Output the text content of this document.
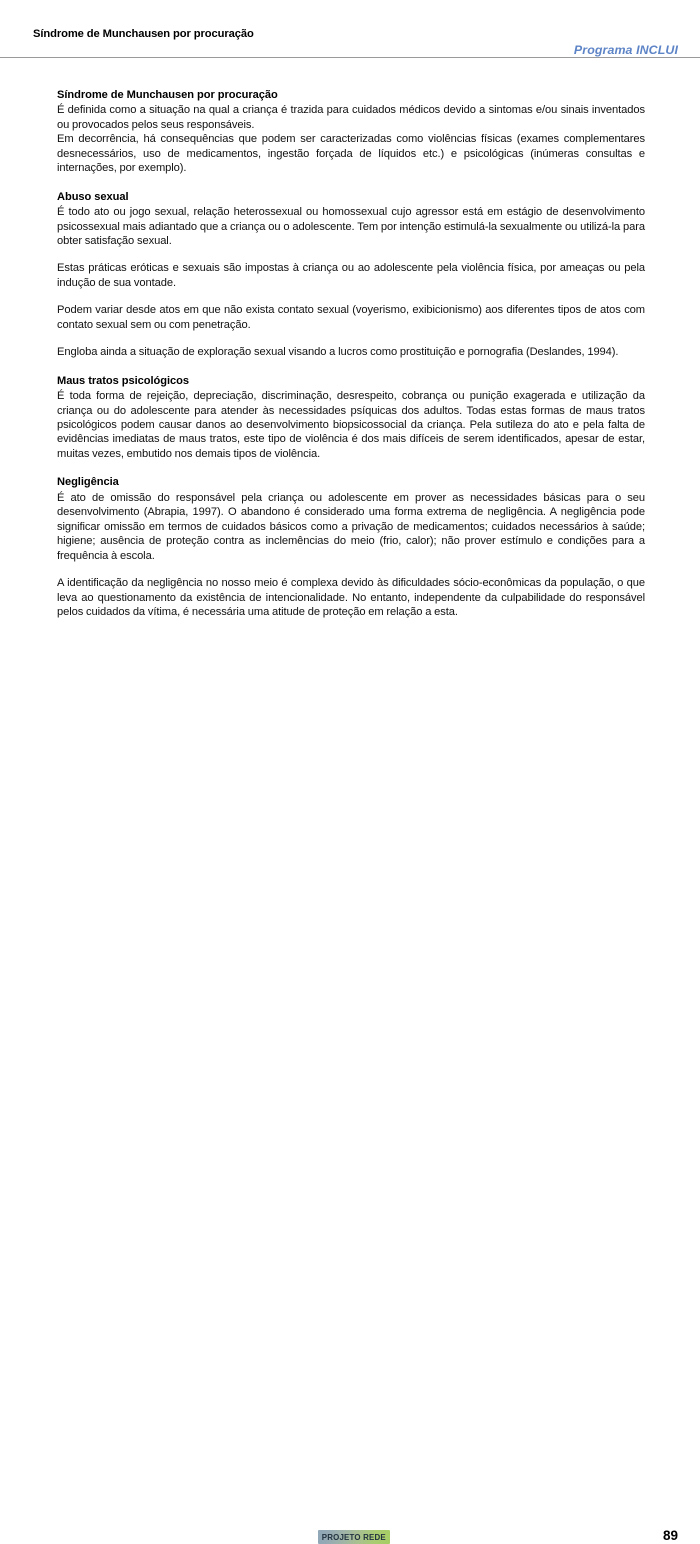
Síndrome de Munchausen por procuração
Programa INCLUI
Síndrome de Munchausen por procuração

É definida como a situação na qual a criança é trazida para cuidados médicos devido a sintomas e/ou sinais inventados ou provocados pelos seus responsáveis.

Em decorrência, há consequências que podem ser caracterizadas como violências físicas (exames complementares desnecessários, uso de medicamentos, ingestão forçada de líquidos etc.) e psicológicas (inúmeras consultas e internações, por exemplo).

Abuso sexual

É todo ato ou jogo sexual, relação heterossexual ou homossexual cujo agressor está em estágio de desenvolvimento psicossexual mais adiantado que a criança ou o adolescente. Tem por intenção estimulá-la sexualmente ou utilizá-la para obter satisfação sexual.

Estas práticas eróticas e sexuais são impostas à criança ou ao adolescente pela violência física, por ameaças ou pela indução de sua vontade.

Podem variar desde atos em que não exista contato sexual (voyerismo, exibicionismo) aos diferentes tipos de atos com contato sexual sem ou com penetração.

Engloba ainda a situação de exploração sexual visando a lucros como prostituição e pornografia (Deslandes, 1994).

Maus tratos psicológicos

É toda forma de rejeição, depreciação, discriminação, desrespeito, cobrança ou punição exagerada e utilização da criança ou do adolescente para atender às necessidades psíquicas dos adultos. Todas estas formas de maus tratos psicológicos podem causar danos ao desenvolvimento biopsicossocial da criança. Pela sutileza do ato e pela falta de evidências imediatas de maus tratos, este tipo de violência é dos mais difíceis de serem identificados, apesar de estar, muitas vezes, embutido nos demais tipos de violência.

Negligência

É ato de omissão do responsável pela criança ou adolescente em prover as necessidades básicas para o seu desenvolvimento (Abrapia, 1997). O abandono é considerado uma forma extrema de negligência. A negligência pode significar omissão em termos de cuidados básicos como a privação de medicamentos; cuidados necessários à saúde; higiene; ausência de proteção contra as inclemências do meio (frio, calor); não prover estímulo e condições para a frequência à escola.

A identificação da negligência no nosso meio é complexa devido às dificuldades sócio-econômicas da população, o que leva ao questionamento da existência de intencionalidade. No entanto, independente da culpabilidade do responsável pelos cuidados da vítima, é necessária uma atitude de proteção em relação a esta.

PROJETO REDE	89
